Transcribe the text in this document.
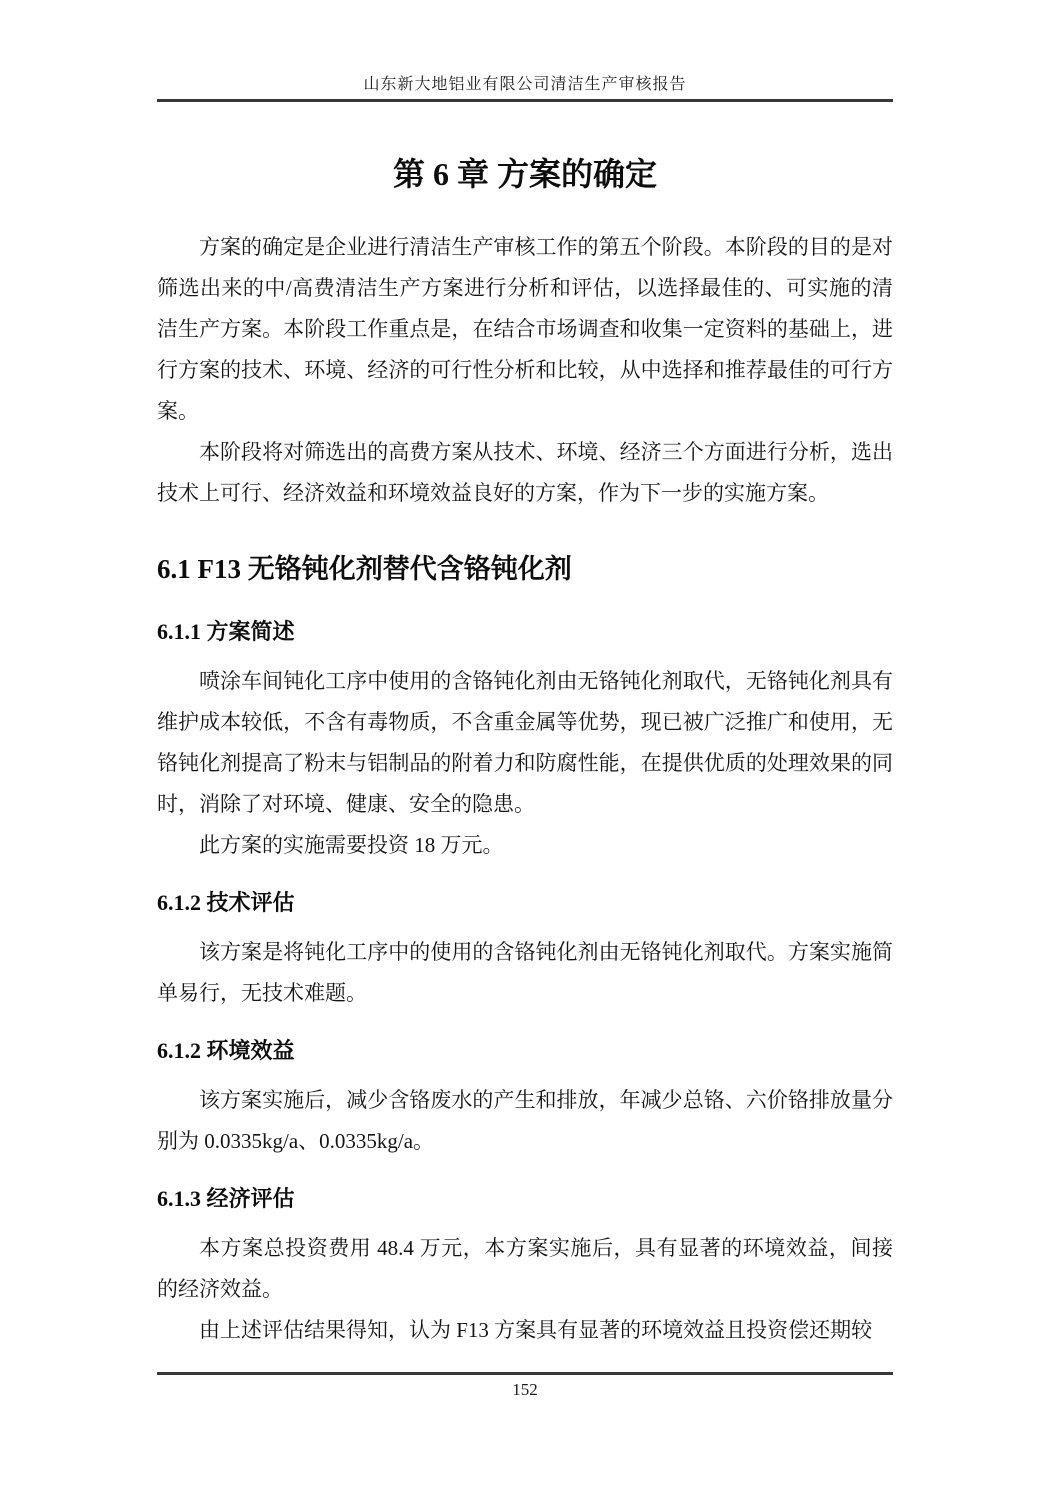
山东新大地铝业有限公司清洁生产审核报告
第 6 章 方案的确定

方案的确定是企业进行清洁生产审核工作的第五个阶段。本阶段的目的是对筛选出来的中/高费清洁生产方案进行分析和评估，以选择最佳的、可实施的清洁生产方案。本阶段工作重点是，在结合市场调查和收集一定资料的基础上，进行方案的技术、环境、经济的可行性分析和比较，从中选择和推荐最佳的可行方案。

本阶段将对筛选出的高费方案从技术、环境、经济三个方面进行分析，选出技术上可行、经济效益和环境效益良好的方案，作为下一步的实施方案。

6.1 F13 无铬钝化剂替代含铬钝化剂
6.1.1 方案简述

喷涂车间钝化工序中使用的含铬钝化剂由无铬钝化剂取代，无铬钝化剂具有维护成本较低，不含有毒物质，不含重金属等优势，现已被广泛推广和使用，无铬钝化剂提高了粉末与铝制品的附着力和防腐性能，在提供优质的处理效果的同时，消除了对环境、健康、安全的隐患。

此方案的实施需要投资 18 万元。

6.1.2 技术评估

该方案是将钝化工序中的使用的含铬钝化剂由无铬钝化剂取代。方案实施简单易行，无技术难题。

6.1.2 环境效益

该方案实施后，减少含铬废水的产生和排放，年减少总铬、六价铬排放量分别为 0.0335kg/a、0.0335kg/a。

6.1.3 经济评估

本方案总投资费用 48.4 万元，本方案实施后，具有显著的环境效益，间接的经济效益。

由上述评估结果得知，认为 F13 方案具有显著的环境效益且投资偿还期较

152
